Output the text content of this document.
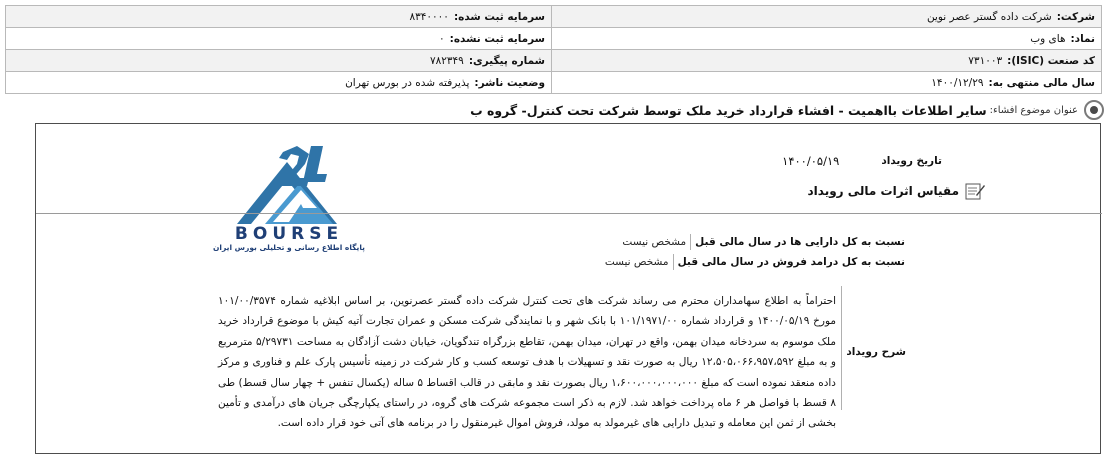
شرکت:شرکت داده گستر عصر نوین	سرمایه ثبت شده:۸۳۴۰۰۰۰
نماد:های وب	سرمایه ثبت نشده:۰
کد صنعت (ISIC):۷۳۱۰۰۳	شماره پیگیری:۷۸۲۳۴۹
سال مالی منتهی به:۱۴۰۰/۱۲/۲۹	وضعیت ناشر:پذیرفته شده در بورس تهران
عنوان موضوع افشاء:
سایر اطلاعات بااهمیت - افشاء قرارداد خرید ملک توسط شرکت تحت کنترل- گروه ب
BOURSE
پایگاه اطلاع رسانی و تحلیلی بورس ایران
تاریخ رویداد
۱۴۰۰/۰۵/۱۹
مقیاس اثرات مالی رویداد
نسبت به کل دارایی ها در سال مالی قبل
مشخص نیست
نسبت به کل درامد فروش در سال مالی قبل
مشخص نیست
شرح رویداد
احتراماً به اطلاع سهامداران محترم می رساند شرکت های تحت کنترل شرکت داده گستر عصرنوین، بر اساس ابلاغیه شماره ۱۰۱/۰۰/۳۵۷۴ مورخ ۱۴۰۰/۰۵/۱۹ و قرارداد شماره ۱۰۱/۱۹۷۱/۰۰ با بانک شهر و با نمایندگی شرکت مسکن و عمران تجارت آتیه کیش با موضوع قرارداد خرید ملک موسوم به سردخانه میدان بهمن، واقع در تهران، میدان بهمن، تقاطع بزرگراه تندگویان، خیابان دشت آزادگان به مساحت ۵/۲۹۷۳۱ مترمربع و به مبلغ ۱۲،۵۰۵،۰۶۶،۹۵۷،۵۹۲ ریال به صورت نقد و تسهیلات با هدف توسعه کسب و کار شرکت در زمینه تأسیس پارک علم و فناوری و مرکز داده منعقد نموده است که مبلغ ۱،۶۰۰،۰۰۰،۰۰۰،۰۰۰ ریال بصورت نقد و مابقی در قالب اقساط ۵ ساله (یکسال تنفس + چهار سال قسط) طی ۸ قسط با فواصل هر ۶ ماه پرداخت خواهد شد. لازم به ذکر است مجموعه شرکت های گروه، در راستای یکپارچگی جریان های درآمدی و تأمین بخشی از ثمن این معامله و تبدیل دارایی های غیرمولد به مولد، فروش اموال غیرمنقول را در برنامه های آتی خود قرار داده است.
